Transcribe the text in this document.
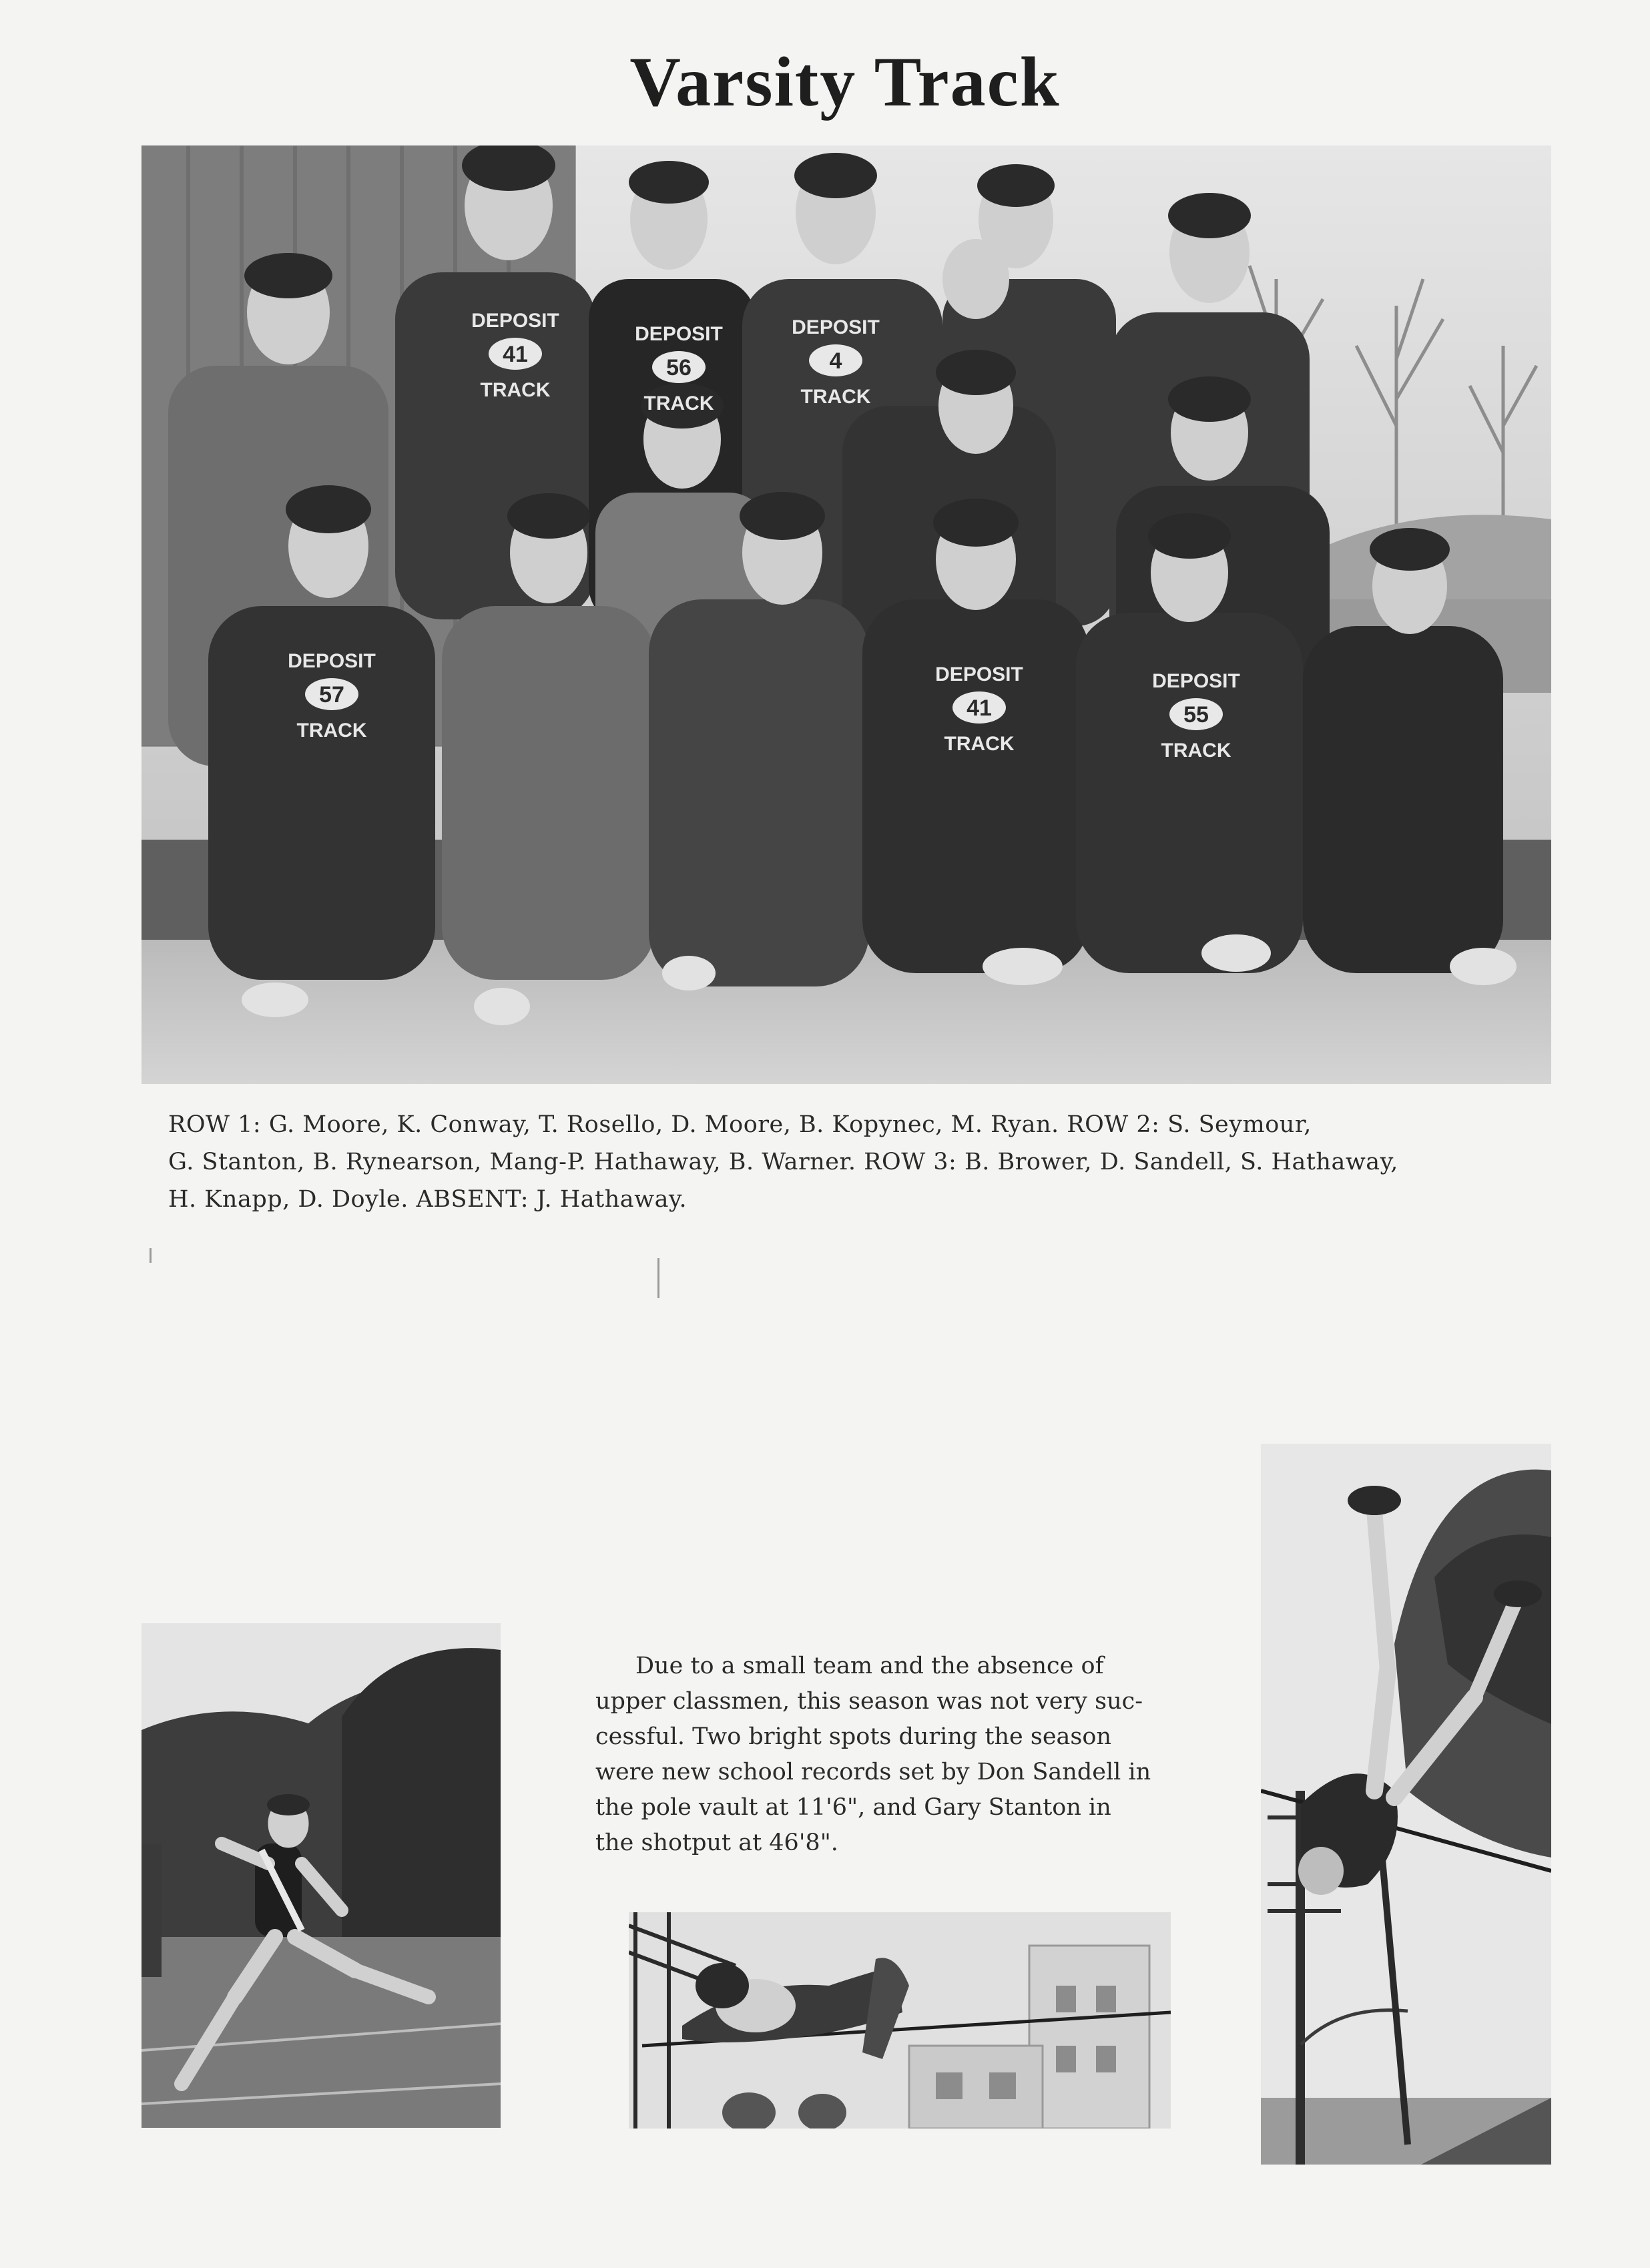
Varsity Track
DEPOSIT
41
TRACK
DEPOSIT
56
TRACK
DEPOSIT
4
TRACK
DEPOSIT
57
TRACK
DEPOSIT
41
TRACK
DEPOSIT
55
TRACK
ROW 1: G. Moore, K. Conway, T. Rosello, D. Moore, B. Kopynec, M. Ryan. ROW 2: S. Seymour,
G. Stanton, B. Rynearson, Mang-P. Hathaway, B. Warner. ROW 3: B. Brower, D. Sandell, S. Hathaway,
H. Knapp, D. Doyle. ABSENT: J. Hathaway.
Due to a small team and the absence of
upper classmen, this season was not very suc-
cessful. Two bright spots during the season
were new school records set by Don Sandell in
the pole vault at 11'6", and Gary Stanton in
the shotput at 46'8".
